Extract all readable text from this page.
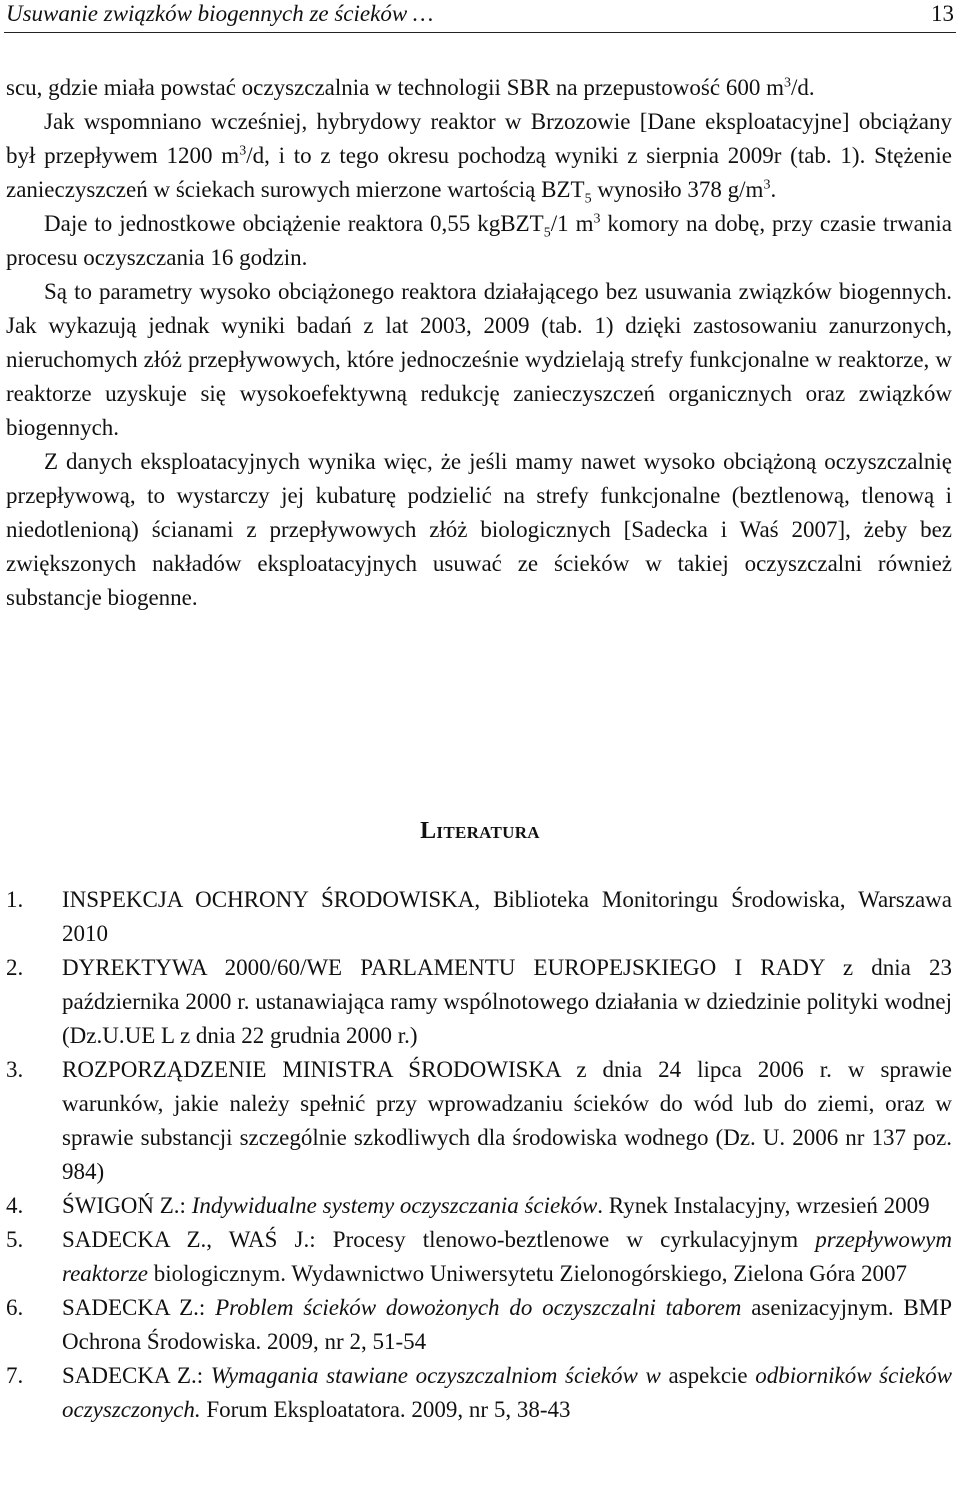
Usuwanie związków biogennych ze ścieków …	13

scu, gdzie miała powstać oczyszczalnia w technologii SBR na przepustowość 600 $m^3/d$.

Jak wspomniano wcześniej, hybrydowy reaktor w Brzozowie [Dane eksploatacyjne] obciążany był przepływem 1200 $m^3/d$, i to z tego okresu pochodzą wyniki z sierpnia 2009r (tab. 1). Stężenie zanieczyszczeń w ściekach surowych mierzone wartością $BZT_5$ wynosiło 378 $g/m^3$.

Daje to jednostkowe obciążenie reaktora 0,55 kgBZT$_5$/1 $m^3$ komory na dobę, przy czasie trwania procesu oczyszczania 16 godzin.

Są to parametry wysoko obciążonego reaktora działającego bez usuwania związków biogennych. Jak wykazują jednak wyniki badań z lat 2003, 2009 (tab. 1) dzięki zastosowaniu zanurzonych, nieruchomych złóż przepływowych, które jednocześnie wydzielają strefy funkcjonalne w reaktorze, w reaktorze uzyskuje się wysokoefektywną redukcję zanieczyszczeń organicznych oraz związków biogennych.

Z danych eksploatacyjnych wynika więc, że jeśli mamy nawet wysoko obciążoną oczyszczalnię przepływową, to wystarczy jej kubaturę podzielić na strefy funkcjonalne (beztlenową, tlenową i niedotlenioną) ścianami z przepływowych złóż biologicznych [Sadecka i Waś 2007], żeby bez zwiększonych nakładów eksploatacyjnych usuwać ze ścieków w takiej oczyszczalni również substancje biogenne.

Literatura
1.	INSPEKCJA OCHRONY ŚRODOWISKA, Biblioteka Monitoringu Środowiska, Warszawa 2010
2.	DYREKTYWA 2000/60/WE PARLAMENTU EUROPEJSKIEGO I RADY z dnia 23 października 2000 r. ustanawiająca ramy wspólnotowego działania w dziedzinie polityki wodnej (Dz.U.UE L z dnia 22 grudnia 2000 r.)
3.	ROZPORZĄDZENIE MINISTRA ŚRODOWISKA z dnia 24 lipca 2006 r. w sprawie warunków, jakie należy spełnić przy wprowadzaniu ścieków do wód lub do ziemi, oraz w sprawie substancji szczególnie szkodliwych dla środowiska wodnego (Dz. U. 2006 nr 137 poz. 984)
4.	ŚWIGOŃ Z.: Indywidualne systemy oczyszczania ścieków. Rynek Instalacyjny, wrzesień 2009
5.	SADECKA Z., WAŚ J.: Procesy tlenowo-beztlenowe w cyrkulacyjnym przepływowym reaktorze biologicznym. Wydawnictwo Uniwersytetu Zielonogórskiego, Zielona Góra 2007
6.	SADECKA Z.: Problem ścieków dowożonych do oczyszczalni taborem asenizacyjnym. BMP Ochrona Środowiska. 2009, nr 2, 51-54
7.	SADECKA Z.: Wymagania stawiane oczyszczalniom ścieków w aspekcie odbiorników ścieków oczyszczonych. Forum Eksploatatora. 2009, nr 5, 38-43
